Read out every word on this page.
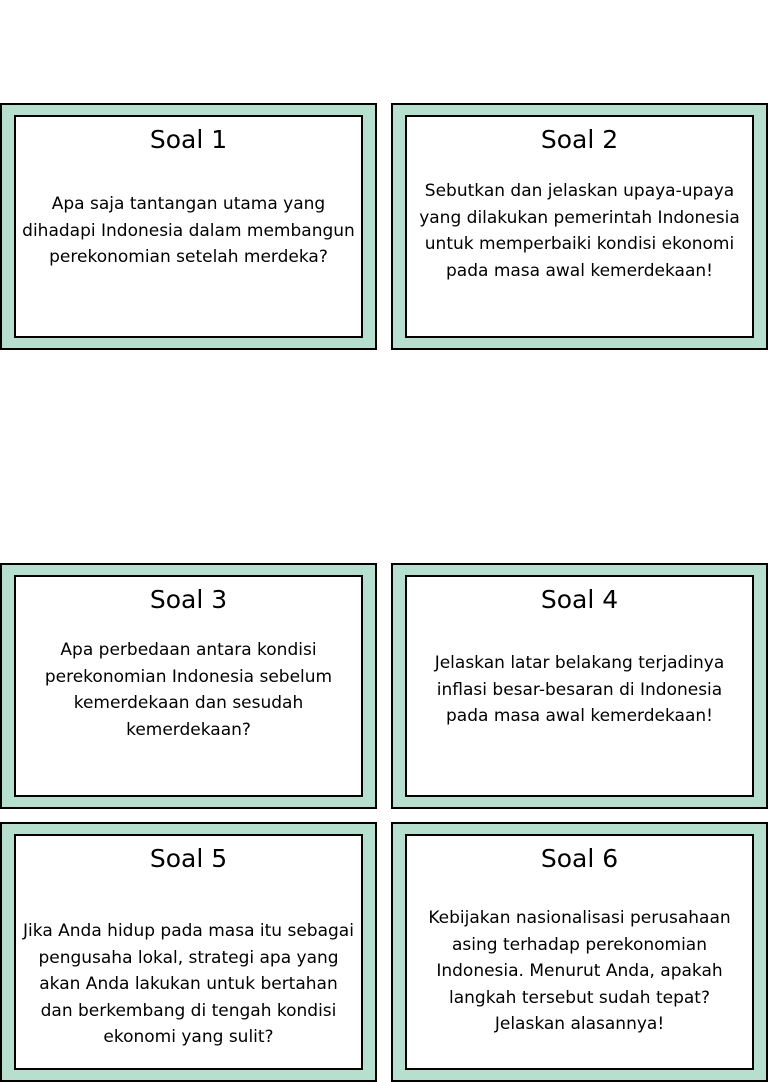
Soal 1
Apa saja tantangan utama yang dihadapi Indonesia dalam membangun perekonomian setelah merdeka?
Soal 2
Sebutkan dan jelaskan upaya-upaya yang dilakukan pemerintah Indonesia untuk memperbaiki kondisi ekonomi pada masa awal kemerdekaan!
Soal 3
Apa perbedaan antara kondisi perekonomian Indonesia sebelum kemerdekaan dan sesudah kemerdekaan?
Soal 4
Jelaskan latar belakang terjadinya inflasi besar-besaran di Indonesia pada masa awal kemerdekaan!
Soal 5
Jika Anda hidup pada masa itu sebagai pengusaha lokal, strategi apa yang akan Anda lakukan untuk bertahan dan berkembang di tengah kondisi ekonomi yang sulit?
Soal 6
Kebijakan nasionalisasi perusahaan asing terhadap perekonomian Indonesia. Menurut Anda, apakah langkah tersebut sudah tepat? Jelaskan alasannya!
